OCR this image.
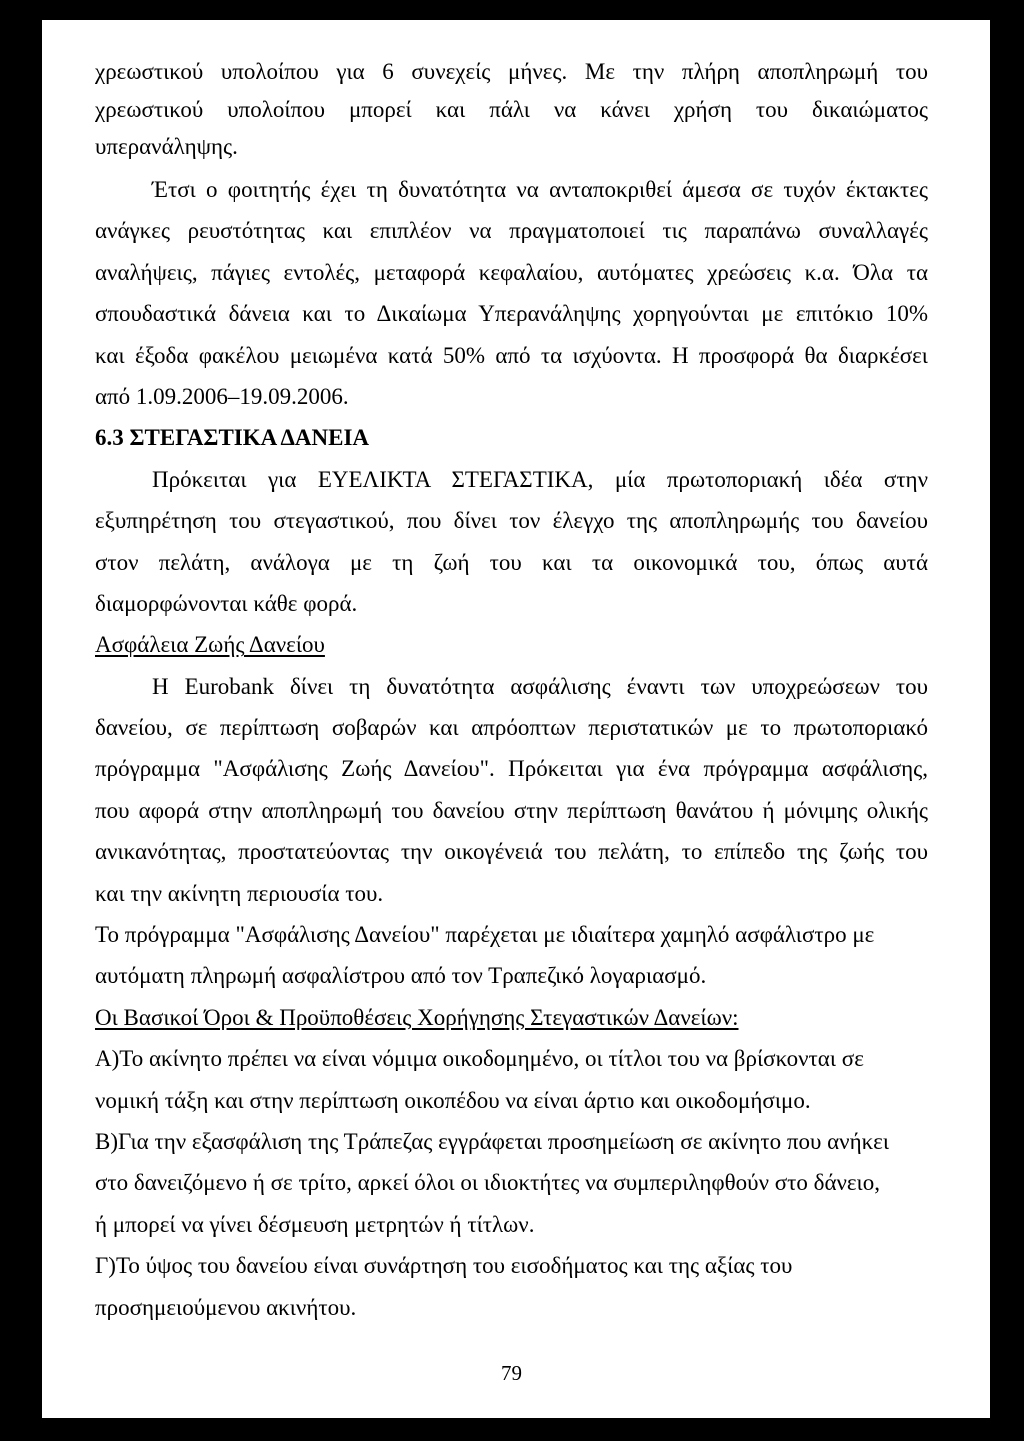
χρεωστικού υπολοίπου για 6 συνεχείς μήνες. Με την πλήρη αποπληρωμή του
χρεωστικού υπολοίπου μπορεί και πάλι να κάνει χρήση του δικαιώματος
υπερανάληψης.
Έτσι ο φοιτητής έχει τη δυνατότητα να ανταποκριθεί άμεσα σε τυχόν έκτακτες
ανάγκες ρευστότητας και επιπλέον να πραγματοποιεί τις παραπάνω συναλλαγές
αναλήψεις, πάγιες εντολές, μεταφορά κεφαλαίου, αυτόματες χρεώσεις κ.α. Όλα τα
σπουδαστικά δάνεια και το Δικαίωμα Υπερανάληψης χορηγούνται με επιτόκιο 10%
και έξοδα φακέλου μειωμένα κατά 50% από τα ισχύοντα. Η προσφορά θα διαρκέσει
από 1.09.2006–19.09.2006.
6.3 ΣΤΕΓΑΣΤΙΚΑ ΔΑΝΕΙΑ
Πρόκειται για ΕΥΕΛΙΚΤΑ ΣΤΕΓΑΣΤΙΚΑ, μία πρωτοποριακή ιδέα στην
εξυπηρέτηση του στεγαστικού, που δίνει τον έλεγχο της αποπληρωμής του δανείου
στον πελάτη, ανάλογα με τη ζωή του και τα οικονομικά του, όπως αυτά
διαμορφώνονται κάθε φορά.
Ασφάλεια Ζωής Δανείου
Η Eurobank δίνει τη δυνατότητα ασφάλισης έναντι των υποχρεώσεων του
δανείου, σε περίπτωση σοβαρών και απρόοπτων περιστατικών με το πρωτοποριακό
πρόγραμμα "Ασφάλισης Ζωής Δανείου". Πρόκειται για ένα πρόγραμμα ασφάλισης,
που αφορά στην αποπληρωμή του δανείου στην περίπτωση θανάτου ή μόνιμης ολικής
ανικανότητας, προστατεύοντας την οικογένειά του πελάτη, το επίπεδο της ζωής του
και την ακίνητη περιουσία του.
Το πρόγραμμα "Ασφάλισης Δανείου" παρέχεται με ιδιαίτερα χαμηλό ασφάλιστρο με
αυτόματη πληρωμή ασφαλίστρου από τον Τραπεζικό λογαριασμό.
Οι Βασικοί Όροι & Προϋποθέσεις Χορήγησης Στεγαστικών Δανείων:
Α)Το ακίνητο πρέπει να είναι νόμιμα οικοδομημένο, οι τίτλοι του να βρίσκονται σε
νομική τάξη και στην περίπτωση οικοπέδου να είναι άρτιο και οικοδομήσιμο.
Β)Για την εξασφάλιση της Τράπεζας εγγράφεται προσημείωση σε ακίνητο που ανήκει
στο δανειζόμενο ή σε τρίτο, αρκεί όλοι οι ιδιοκτήτες να συμπεριληφθούν στο δάνειο,
ή μπορεί να γίνει δέσμευση μετρητών ή τίτλων.
Γ)Το ύψος του δανείου είναι συνάρτηση του εισοδήματος και της αξίας του
προσημειούμενου ακινήτου.
79
